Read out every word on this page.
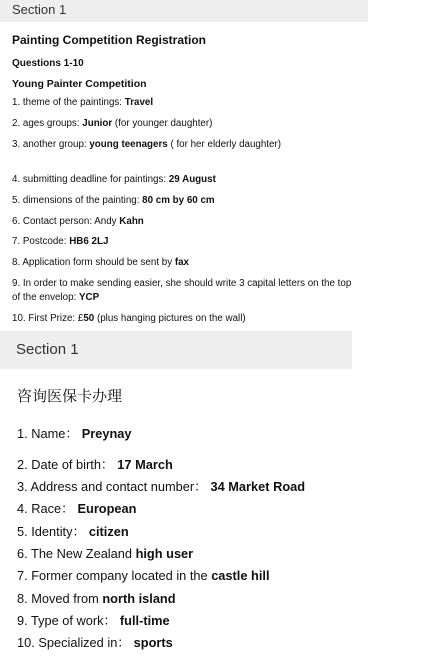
Section 1
Painting Competition Registration
Questions 1-10
Young Painter Competition
1. theme of the paintings: Travel
2. ages groups: Junior (for younger daughter)
3. another group: young teenagers ( for her elderly daughter)
4. submitting deadline for paintings: 29 August
5. dimensions of the painting: 80 cm by 60 cm
6. Contact person: Andy Kahn
7. Postcode: HB6 2LJ
8. Application form should be sent by fax
9. In order to make sending easier, she should write 3 capital letters on the top of the envelop: YCP
10. First Prize: £50 (plus hanging pictures on the wall)
Section 1
咨询医保卡办理
1. Name： Preynay
2. Date of birth： 17 March
3. Address and contact number： 34 Market Road
4. Race： European
5. Identity： citizen
6. The New Zealand high user
7. Former company located in the castle hill
8. Moved from north island
9. Type of work： full-time
10. Specialized in： sports
